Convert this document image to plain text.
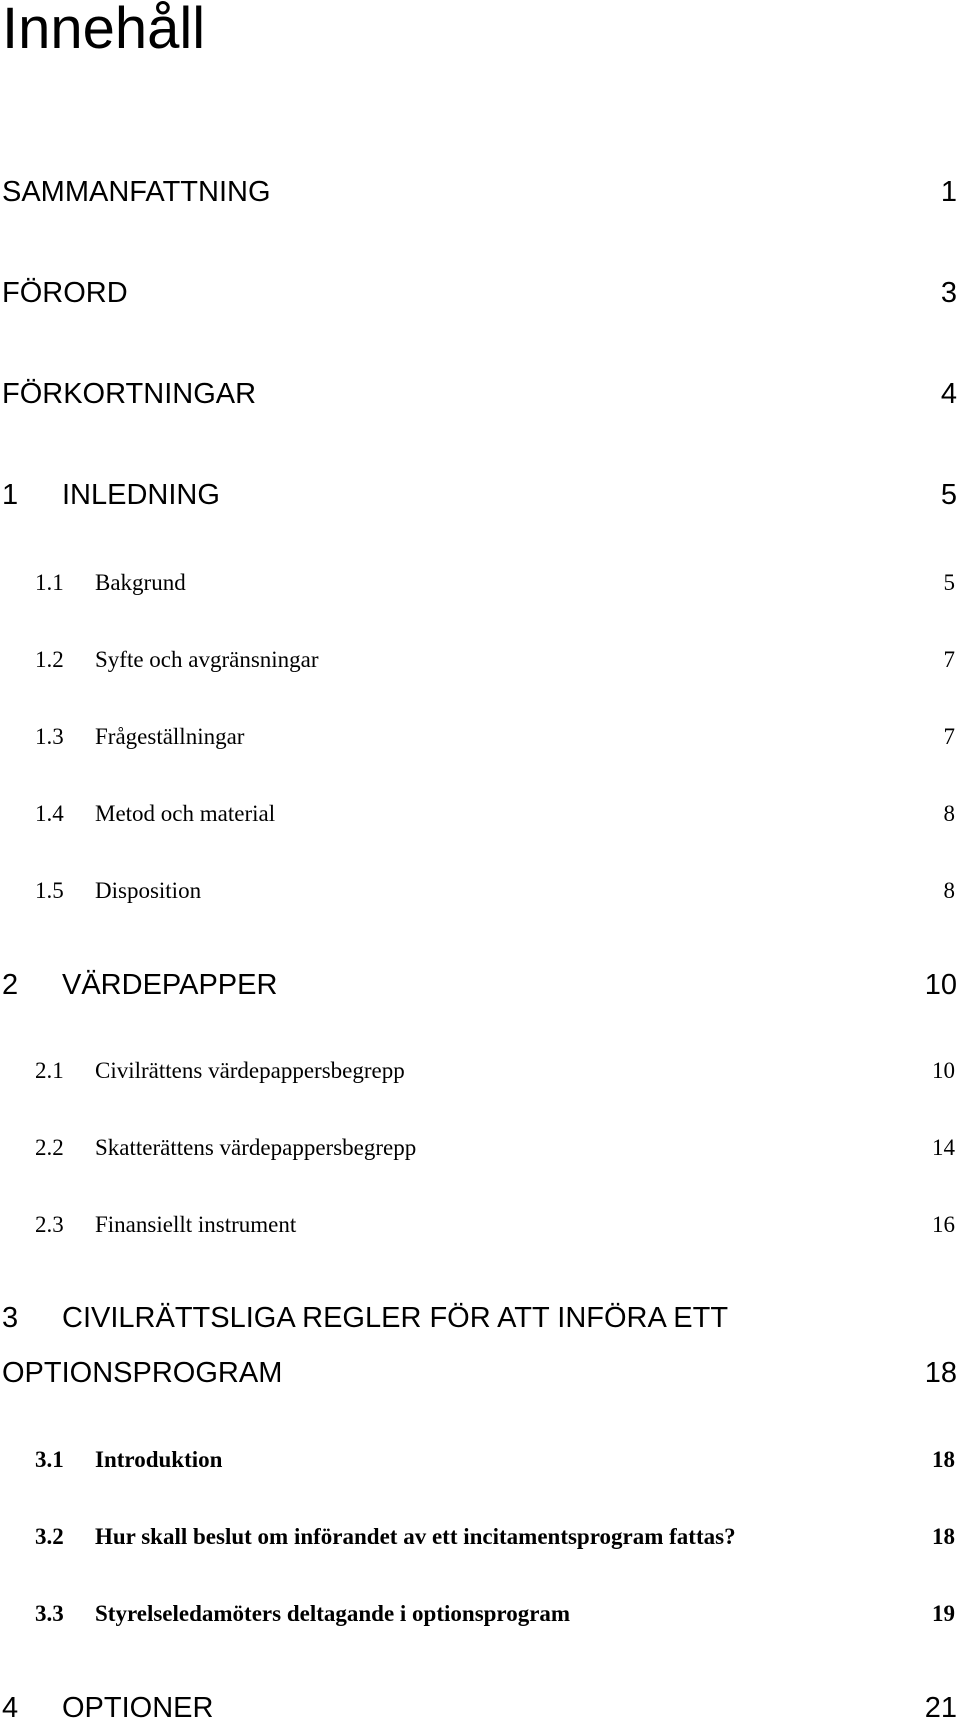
Innehåll
SAMMANFATTNING	1
FÖRORD	3
FÖRKORTNINGAR	4
1 INLEDNING	5
1.1 Bakgrund	5
1.2 Syfte och avgränsningar	7
1.3 Frågeställningar	7
1.4 Metod och material	8
1.5 Disposition	8
2 VÄRDEPAPPER	10
2.1 Civilrättens värdepappersbegrepp	10
2.2 Skatterättens värdepappersbegrepp	14
2.3 Finansiellt instrument	16
3 CIVILRÄTTSLIGA REGLER FÖR ATT INFÖRA ETT
OPTIONSPROGRAM	18
3.1 Introduktion	18
3.2 Hur skall beslut om införandet av ett incitamentsprogram fattas?	18
3.3 Styrelseledamöters deltagande i optionsprogram	19
4 OPTIONER	21
